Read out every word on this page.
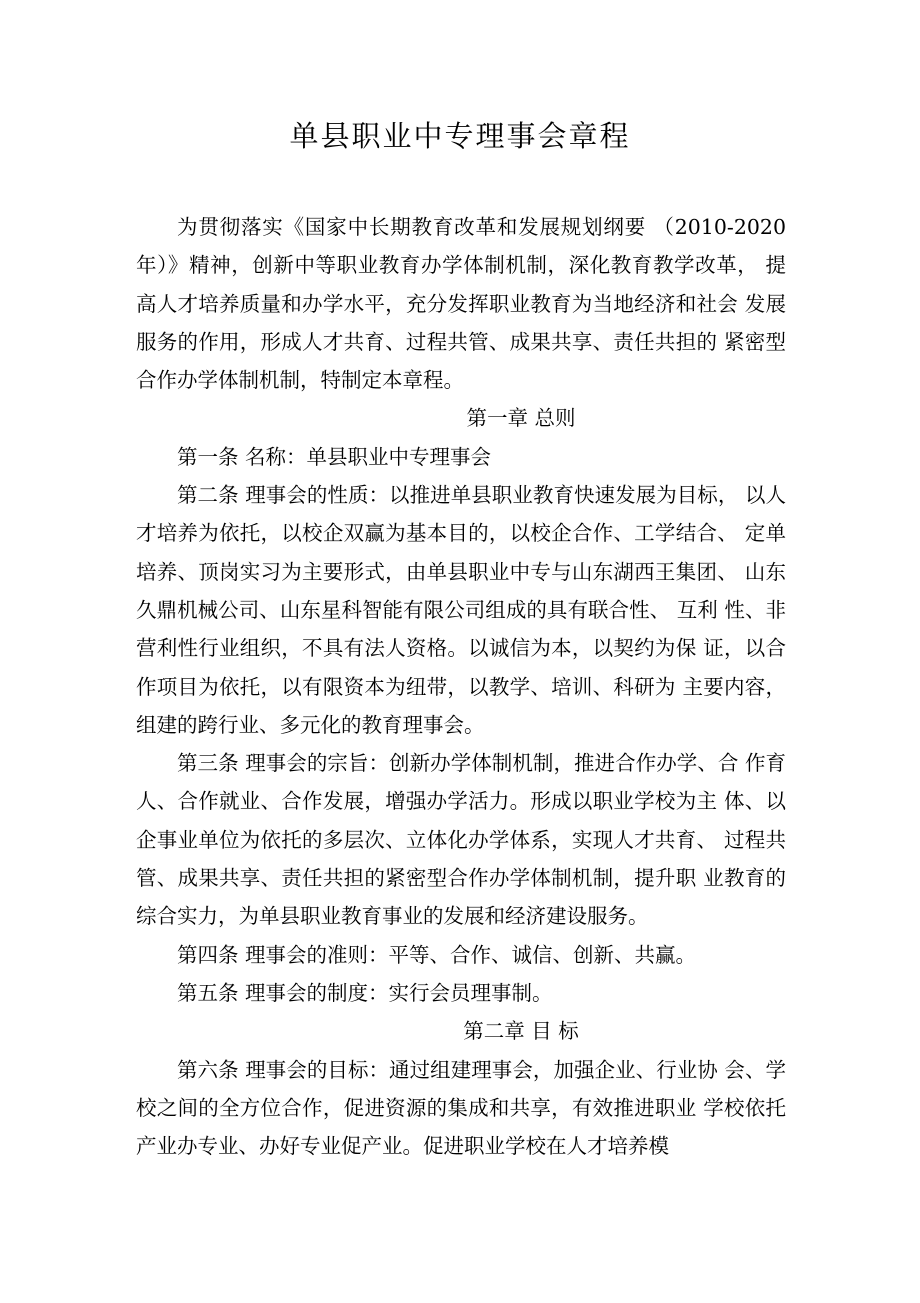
单县职业中专理事会章程

为贯彻落实《国家中长期教育改革和发展规划纲要 （2010-2020年）》精神，创新中等职业教育办学体制机制，深化教育教学改革， 提高人才培养质量和办学水平，充分发挥职业教育为当地经济和社会 发展服务的作用，形成人才共育、过程共管、成果共享、责任共担的 紧密型合作办学体制机制，特制定本章程。

第一章 总则

第一条 名称：单县职业中专理事会

第二条 理事会的性质：以推进单县职业教育快速发展为目标， 以人才培养为依托，以校企双赢为基本目的，以校企合作、工学结合、 定单培养、顶岗实习为主要形式，由单县职业中专与山东湖西王集团、 山东久鼎机械公司、山东星科智能有限公司组成的具有联合性、 互利 性、非营利性行业组织，不具有法人资格。以诚信为本，以契约为保 证，以合作项目为依托，以有限资本为纽带，以教学、培训、科研为 主要内容，组建的跨行业、多元化的教育理事会。

第三条 理事会的宗旨：创新办学体制机制，推进合作办学、合 作育人、合作就业、合作发展，增强办学活力。形成以职业学校为主 体、以企事业单位为依托的多层次、立体化办学体系，实现人才共育、 过程共管、成果共享、责任共担的紧密型合作办学体制机制，提升职 业教育的综合实力，为单县职业教育事业的发展和经济建设服务。

第四条 理事会的准则：平等、合作、诚信、创新、共赢。

第五条 理事会的制度：实行会员理事制。

第二章 目 标

第六条 理事会的目标：通过组建理事会，加强企业、行业协 会、学校之间的全方位合作，促进资源的集成和共享，有效推进职业 学校依托产业办专业、办好专业促产业。促进职业学校在人才培养模
